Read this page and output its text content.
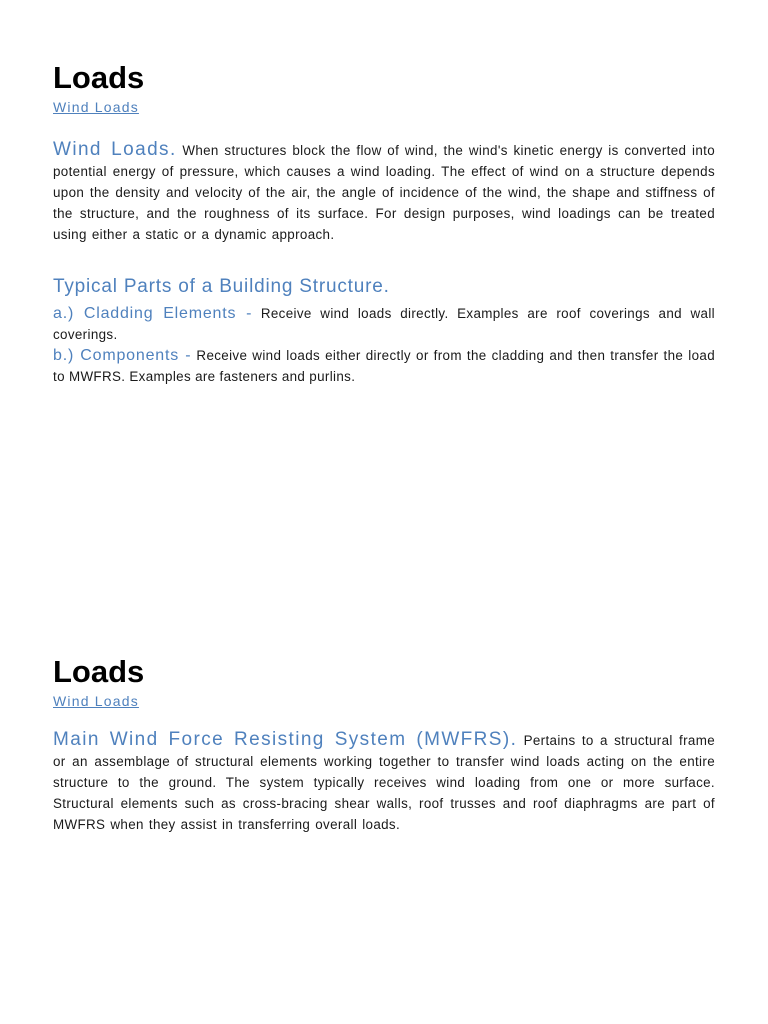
Loads
Wind Loads

Wind Loads. When structures block the flow of wind, the wind's kinetic energy is converted into potential energy of pressure, which causes a wind loading. The effect of wind on a structure depends upon the density and velocity of the air, the angle of incidence of the wind, the shape and stiffness of the structure, and the roughness of its surface. For design purposes, wind loadings can be treated using either a static or a dynamic approach.

Typical Parts of a Building Structure.

a.) Cladding Elements - Receive wind loads directly. Examples are roof coverings and wall coverings.

b.) Components - Receive wind loads either directly or from the cladding and then transfer the load to MWFRS. Examples are fasteners and purlins.

Loads
Wind Loads

Main Wind Force Resisting System (MWFRS). Pertains to a structural frame or an assemblage of structural elements working together to transfer wind loads acting on the entire structure to the ground. The system typically receives wind loading from one or more surface. Structural elements such as cross-bracing shear walls, roof trusses and roof diaphragms are part of MWFRS when they assist in transferring overall loads.
